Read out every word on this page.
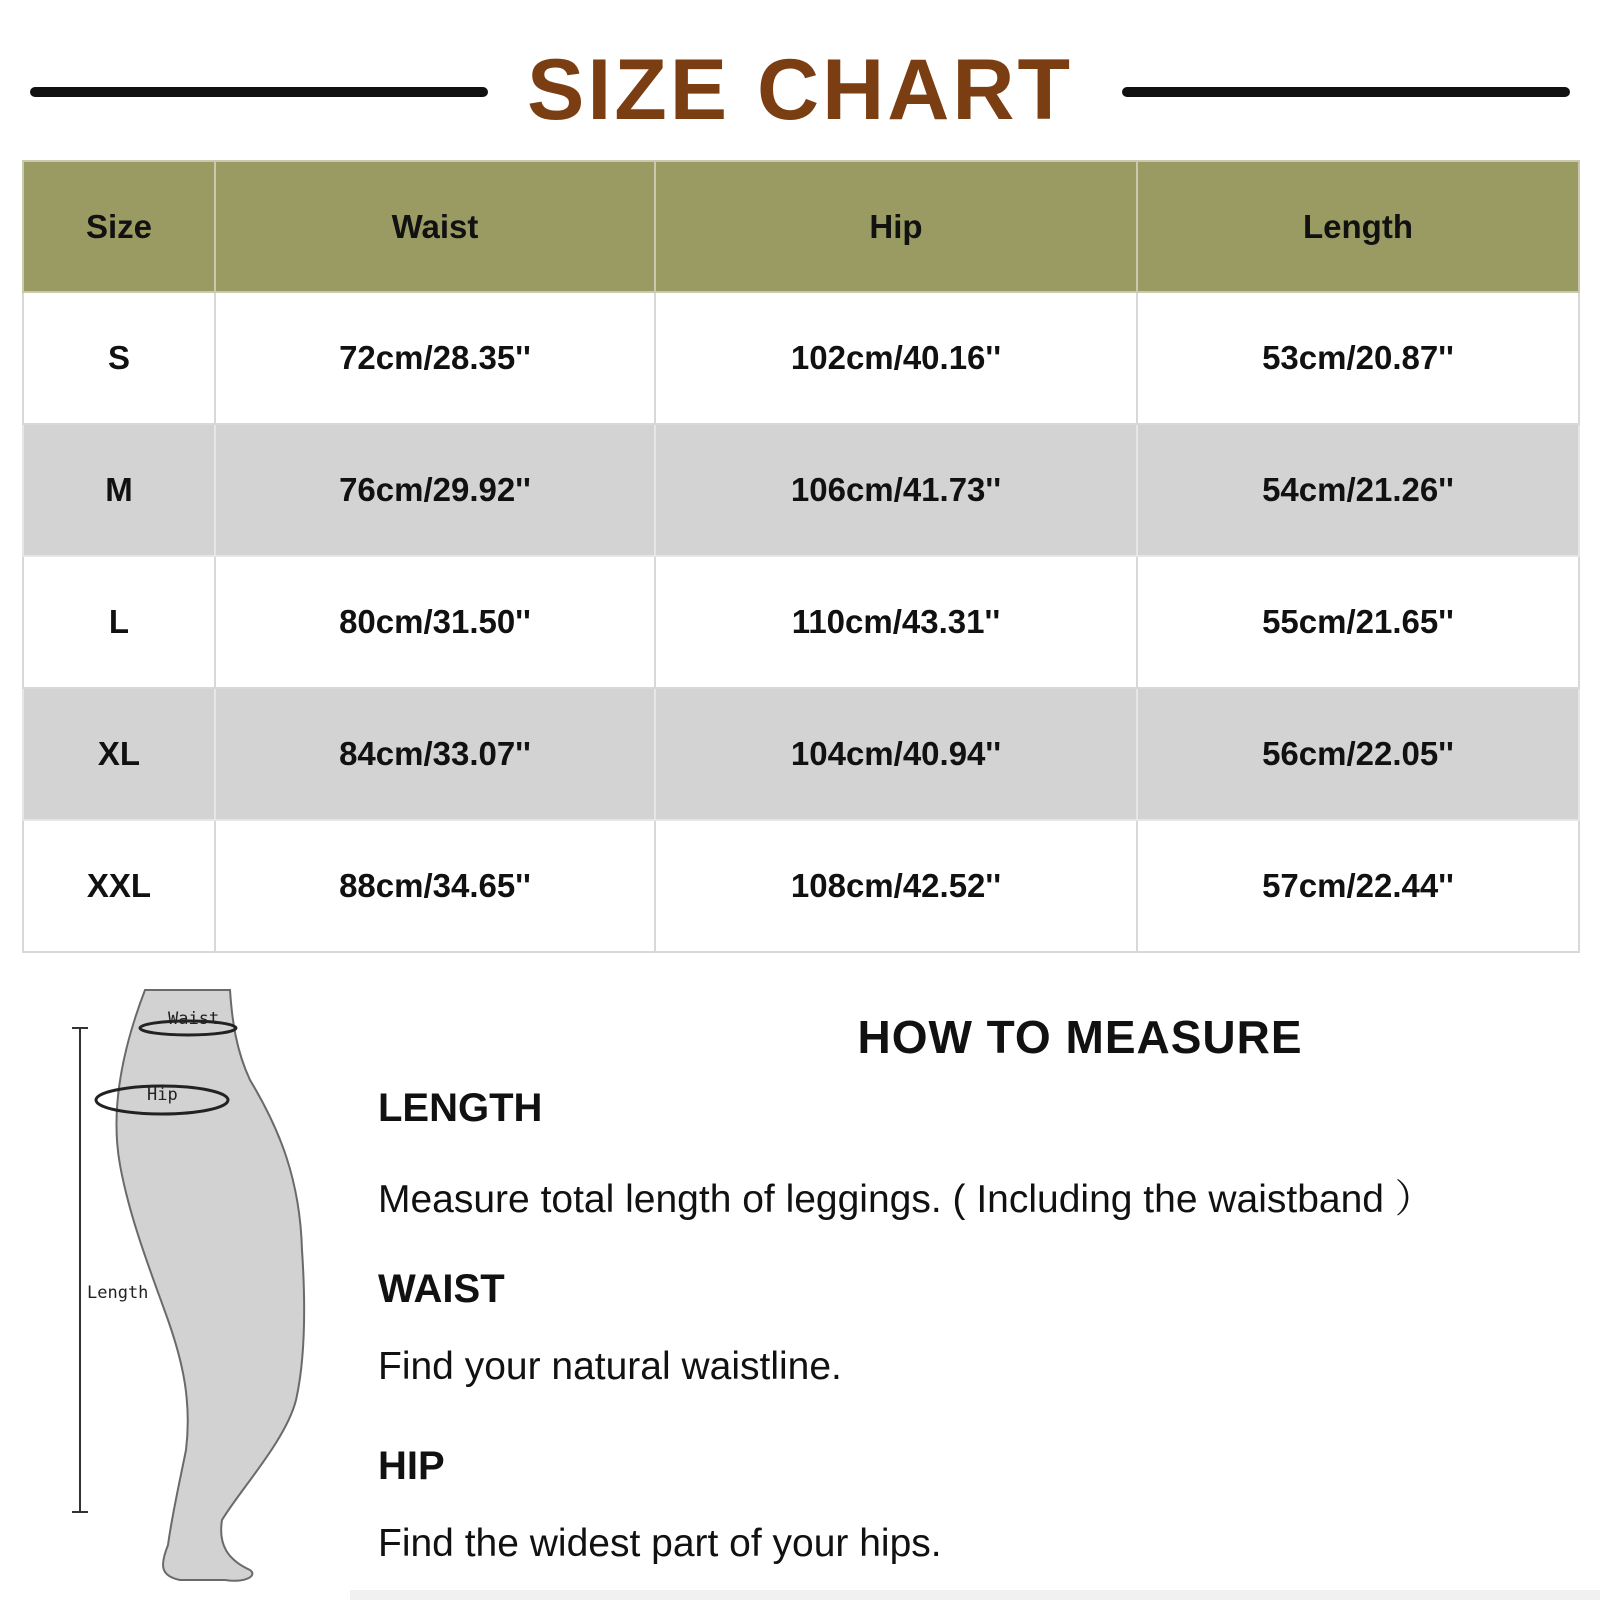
SIZE CHART
Size	Waist	Hip	Length
S	72cm/28.35''	102cm/40.16''	53cm/20.87''
M	76cm/29.92''	106cm/41.73''	54cm/21.26''
L	80cm/31.50''	110cm/43.31''	55cm/21.65''
XL	84cm/33.07''	104cm/40.94''	56cm/22.05''
XXL	88cm/34.65''	108cm/42.52''	57cm/22.44''
Waist
Hip
Length
HOW TO MEASURE
LENGTH
Measure total length of leggings. ( Including the waistband ）
WAIST
Find your natural waistline.
HIP
Find the widest part of your hips.
